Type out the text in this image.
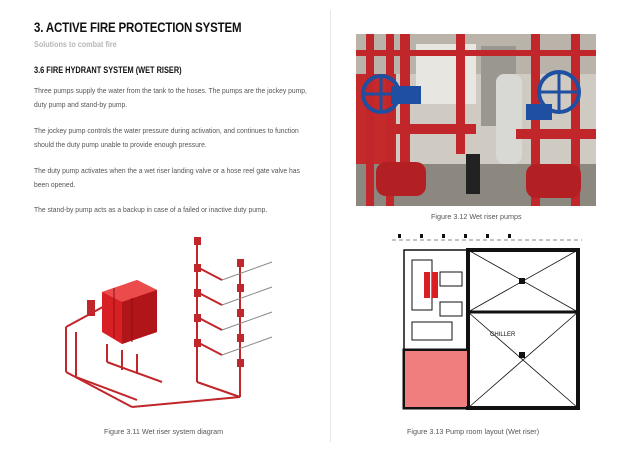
3. ACTIVE FIRE PROTECTION SYSTEM
Solutions to combat fire
3.6 FIRE HYDRANT SYSTEM (WET RISER)
Three pumps supply the water from the tank to the hoses. The pumps are the jockey pump, duty pump and stand-by pump.
The jockey pump controls the water pressure during activation, and continues to function should the duty pump unable to provide enough pressure.
The duty pump activates when the a wet riser landing valve or a hose reel gate valve has been opened.
The stand-by pump acts as a backup in case of a failed or inactive duty pump.
Figure 3.12 Wet riser pumps
Figure 3.11 Wet riser system diagram
CHILLER
Figure 3.13 Pump room layout (Wet riser)
